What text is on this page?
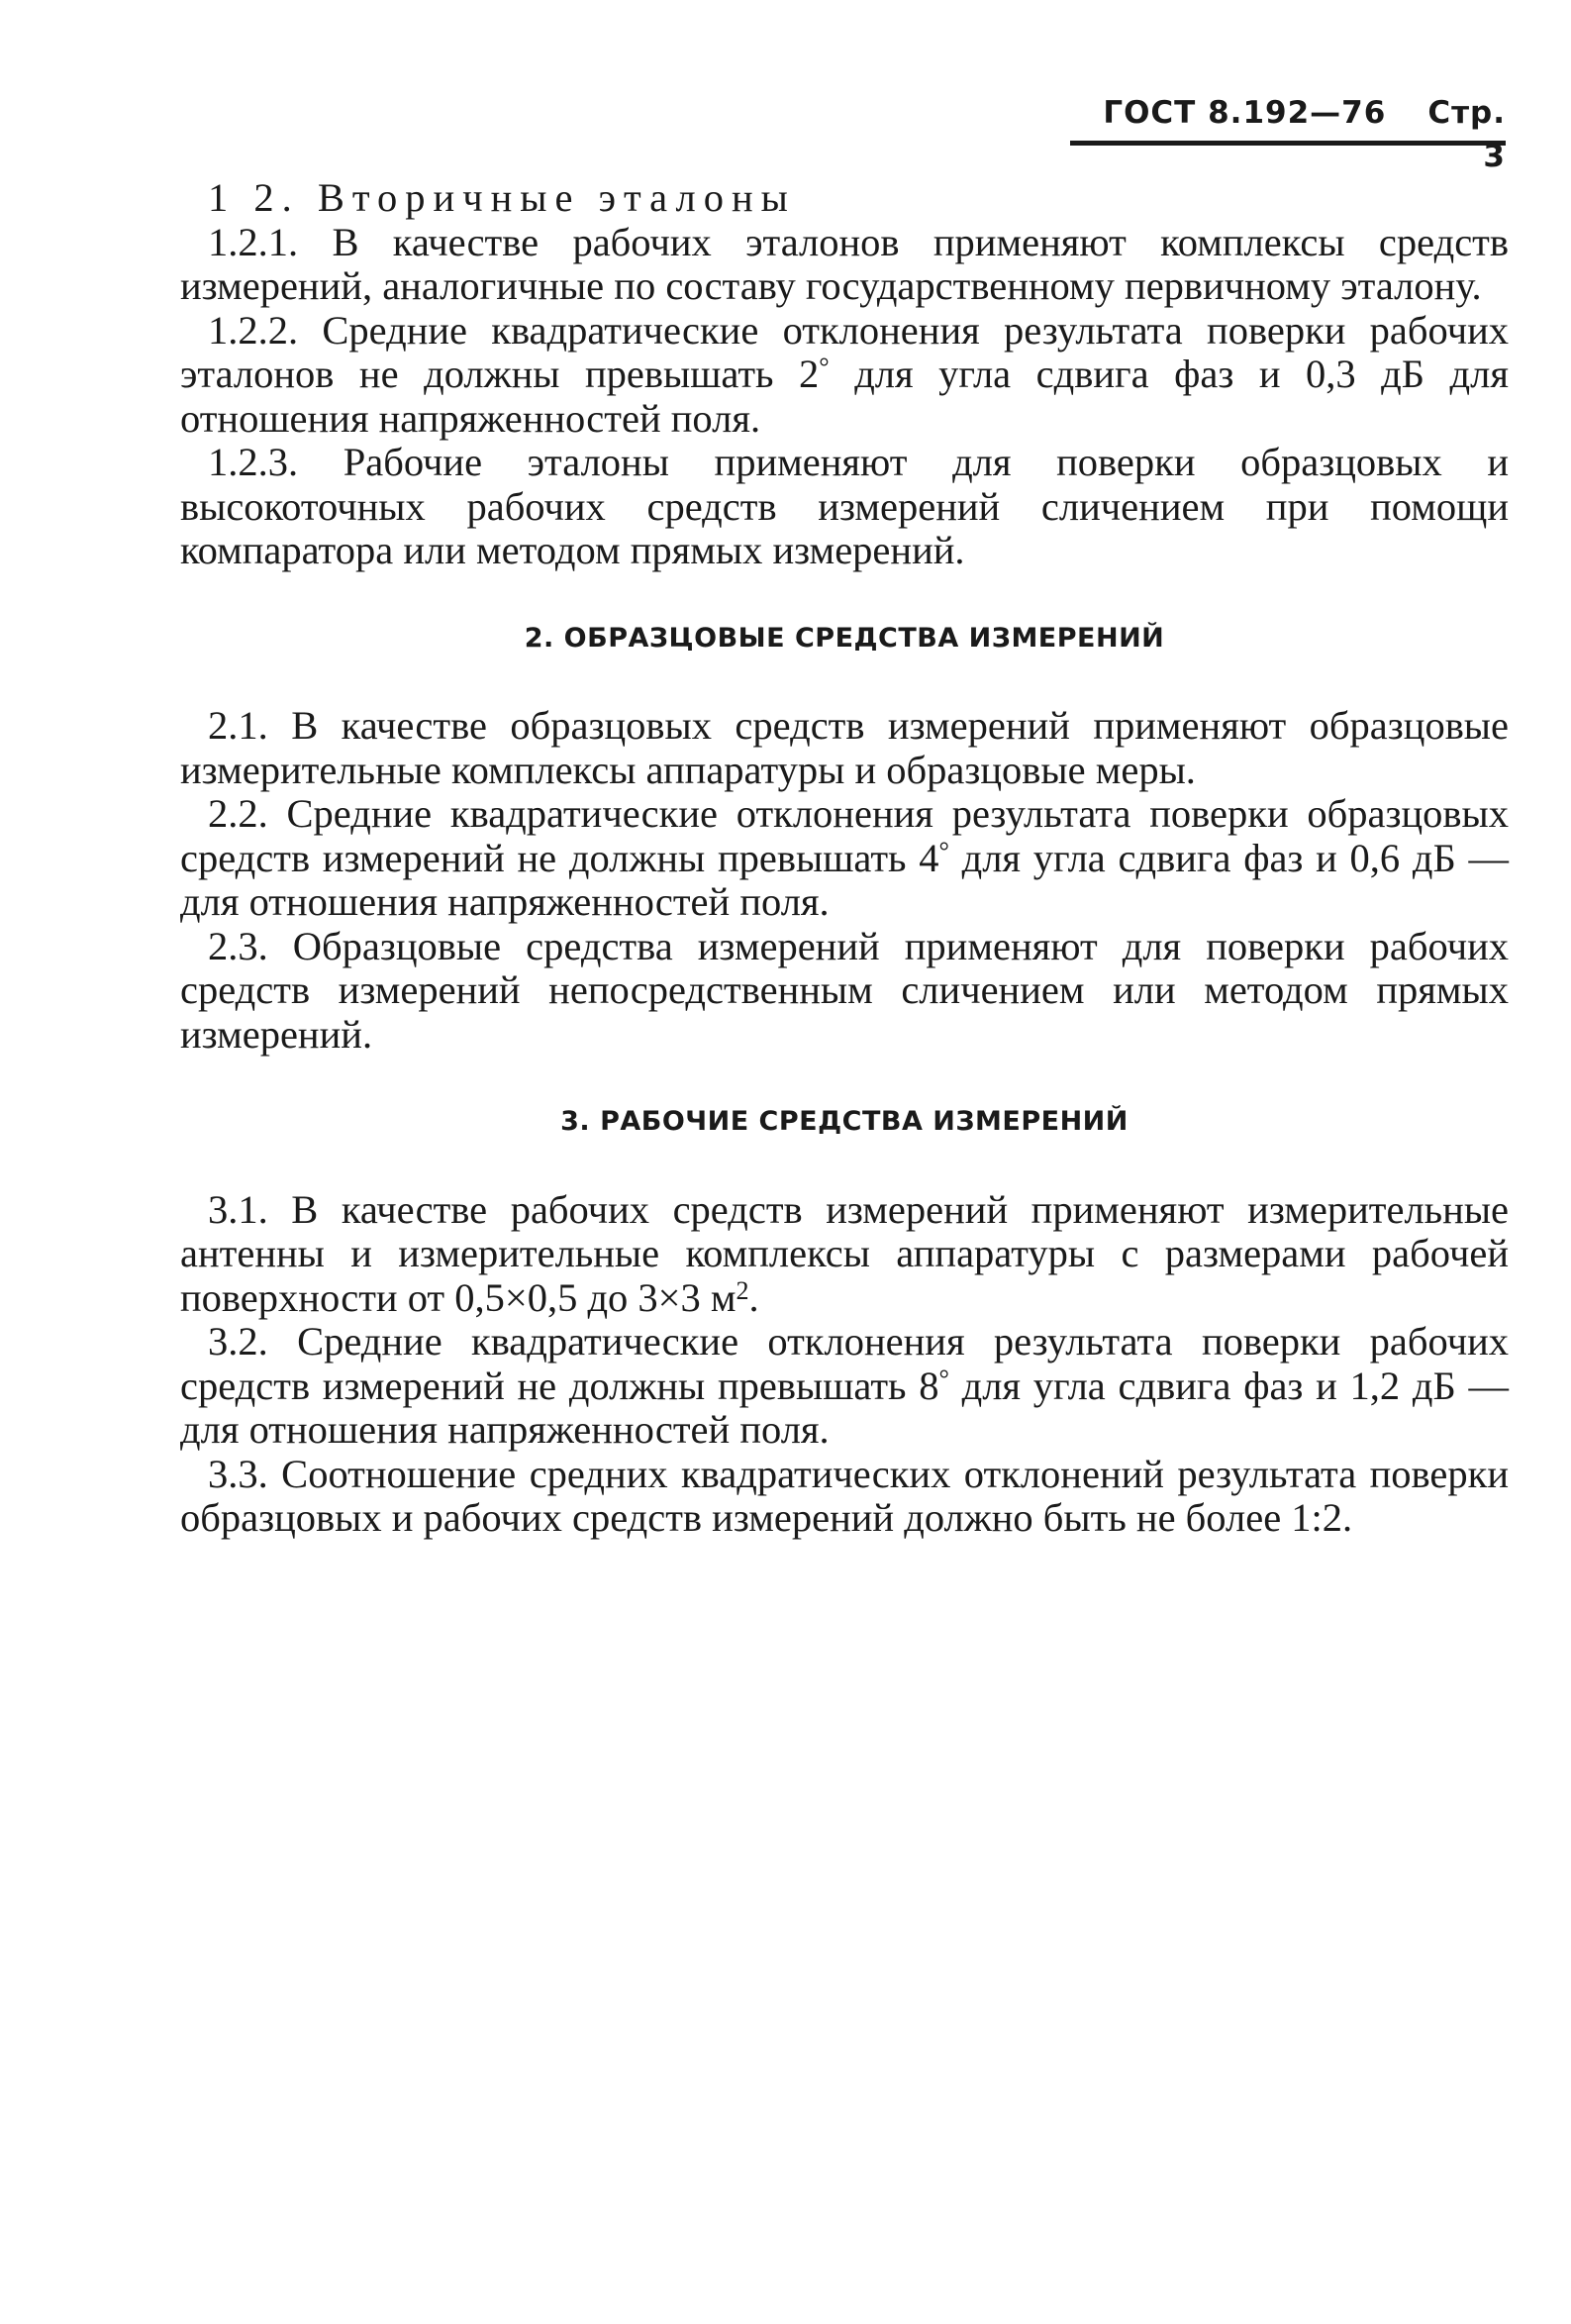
ГОСТ 8.192—76 Стр. 3

1 2. Вторичные эталоны

1.2.1. В качестве рабочих эталонов применяют комплексы средств измерений, аналогичные по составу государственному первичному эталону.

1.2.2. Средние квадратические отклонения результата поверки рабочих эталонов не должны превышать 2° для угла сдвига фаз и 0,3 дБ для отношения напряженностей поля.

1.2.3. Рабочие эталоны применяют для поверки образцовых и высокоточных рабочих средств измерений сличением при помощи компаратора или методом прямых измерений.

2. ОБРАЗЦОВЫЕ СРЕДСТВА ИЗМЕРЕНИЙ

2.1. В качестве образцовых средств измерений применяют образцовые измерительные комплексы аппаратуры и образцовые меры.

2.2. Средние квадратические отклонения результата поверки образцовых средств измерений не должны превышать 4° для угла сдвига фаз и 0,6 дБ — для отношения напряженностей поля.

2.3. Образцовые средства измерений применяют для поверки рабочих средств измерений непосредственным сличением или методом прямых измерений.

3. РАБОЧИЕ СРЕДСТВА ИЗМЕРЕНИЙ

3.1. В качестве рабочих средств измерений применяют измерительные антенны и измерительные комплексы аппаратуры с размерами рабочей поверхности от 0,5×0,5 до 3×3 $м^2$.

3.2. Средние квадратические отклонения результата поверки рабочих средств измерений не должны превышать 8° для угла сдвига фаз и 1,2 дБ — для отношения напряженностей поля.

3.3. Соотношение средних квадратических отклонений результата поверки образцовых и рабочих средств измерений должно быть не более 1:2.
